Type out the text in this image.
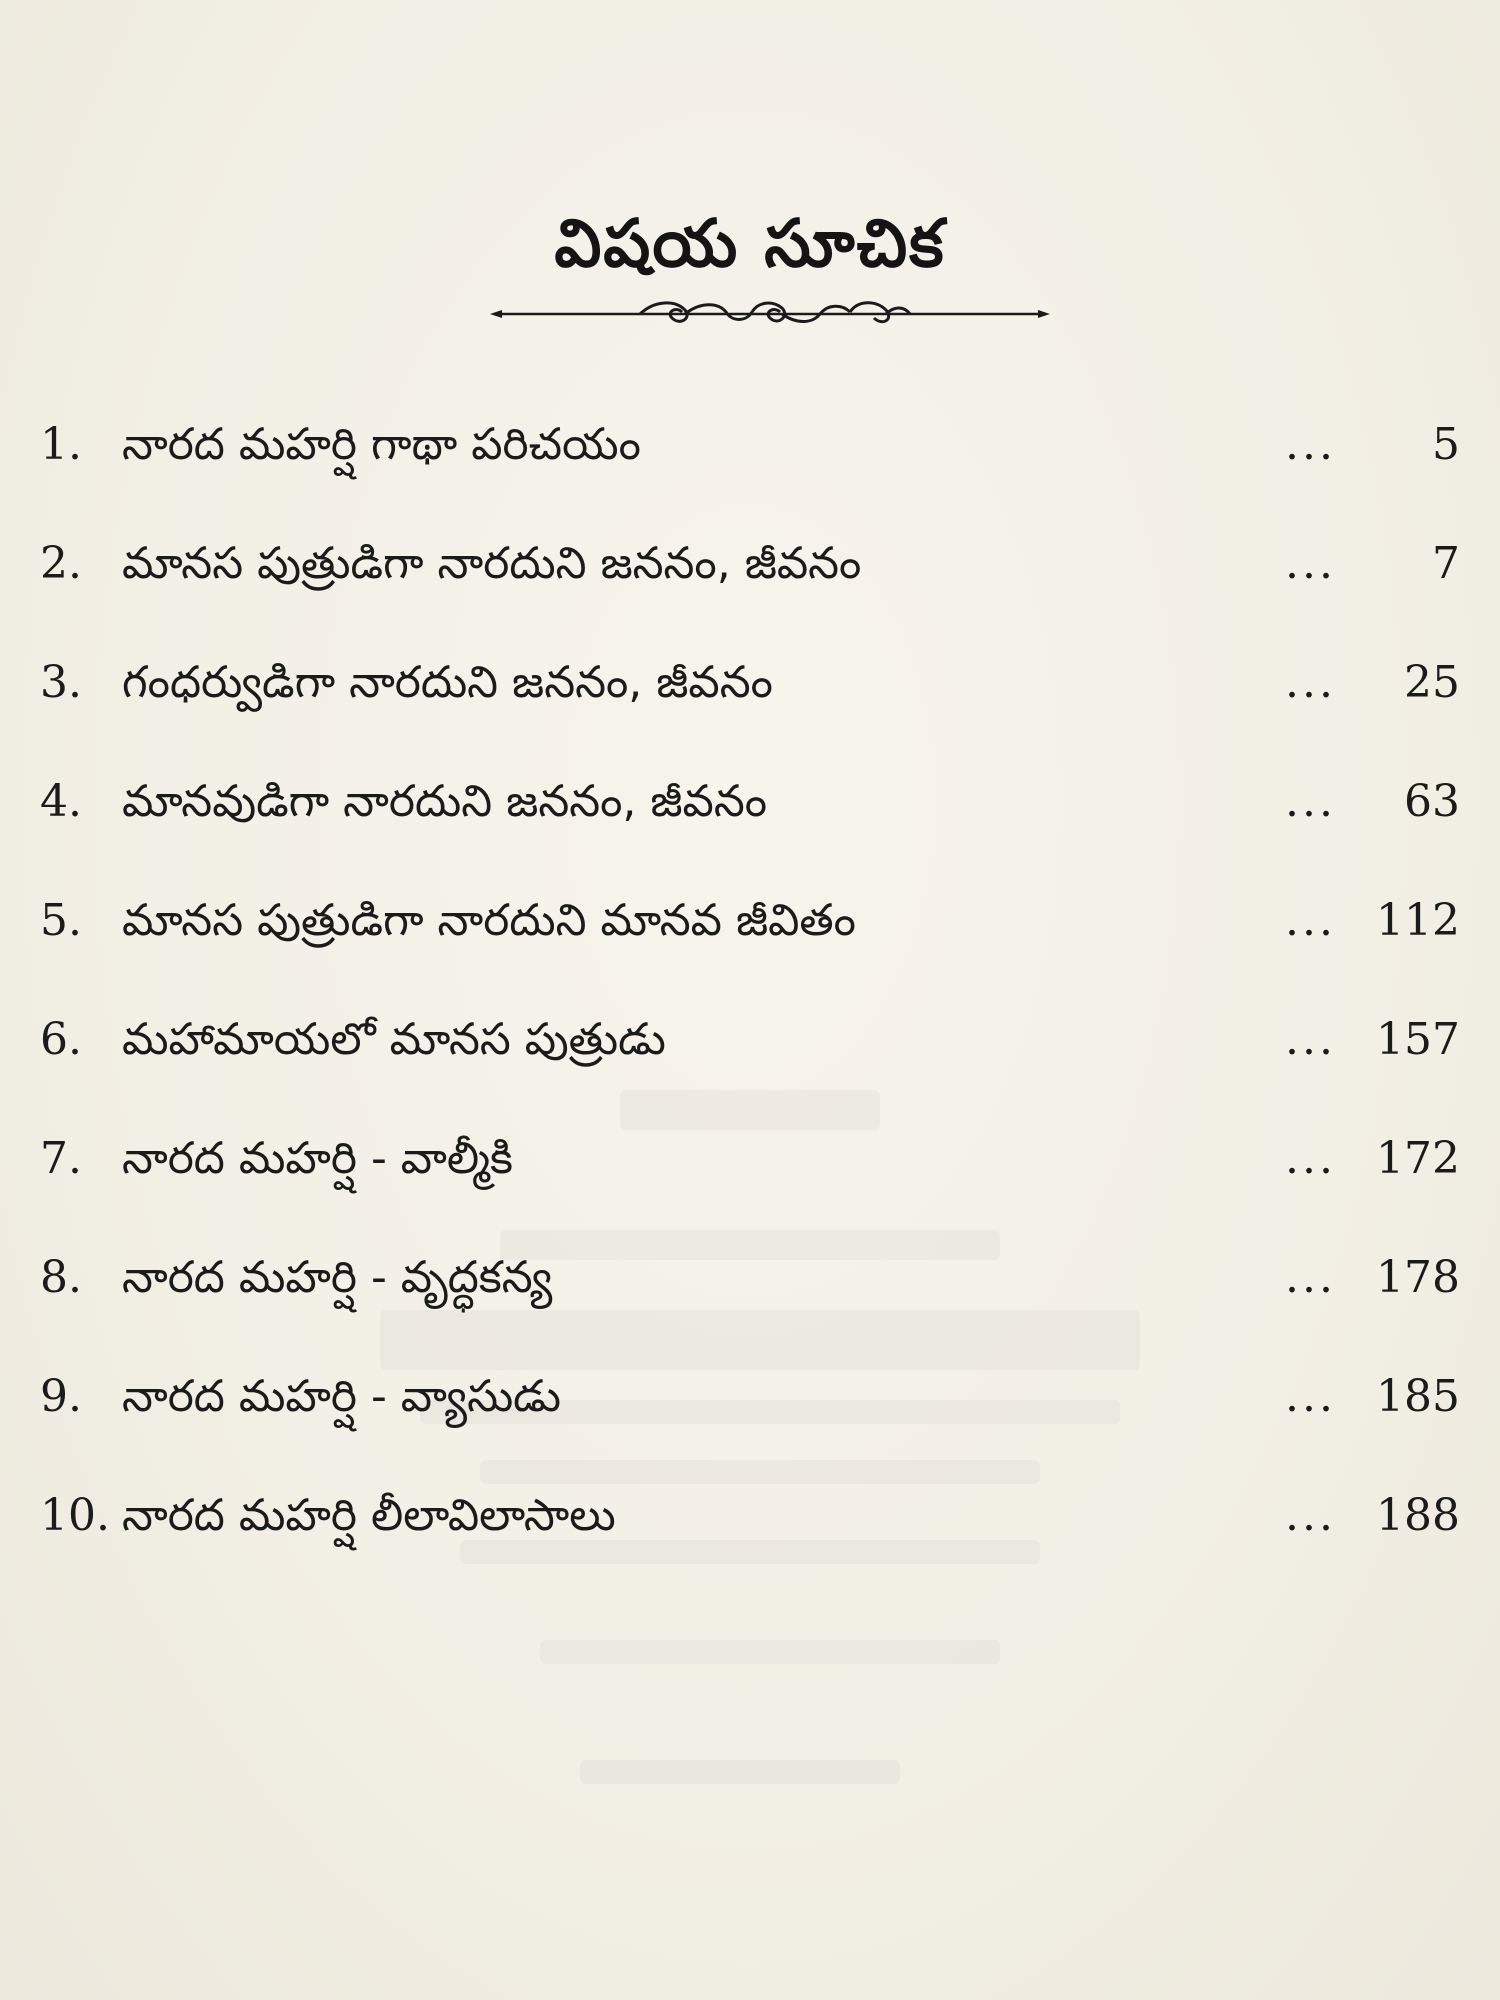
విషయ సూచిక
1. నారద మహర్షి గాథా పరిచయం	...	5
2. మానస పుత్రుడిగా నారదుని జననం, జీవనం	...	7
3. గంధర్వుడిగా నారదుని జననం, జీవనం	...	25
4. మానవుడిగా నారదుని జననం, జీవనం	...	63
5. మానస పుత్రుడిగా నారదుని మానవ జీవితం	... 112
6. మహామాయలో మానస పుత్రుడు	... 157
7. నారద మహర్షి - వాల్మీకి	... 172
8. నారద మహర్షి - వృద్ధకన్య	... 178
9. నారద మహర్షి - వ్యాసుడు	... 185
10. నారద మహర్షి లీలావిలాసాలు	... 188
